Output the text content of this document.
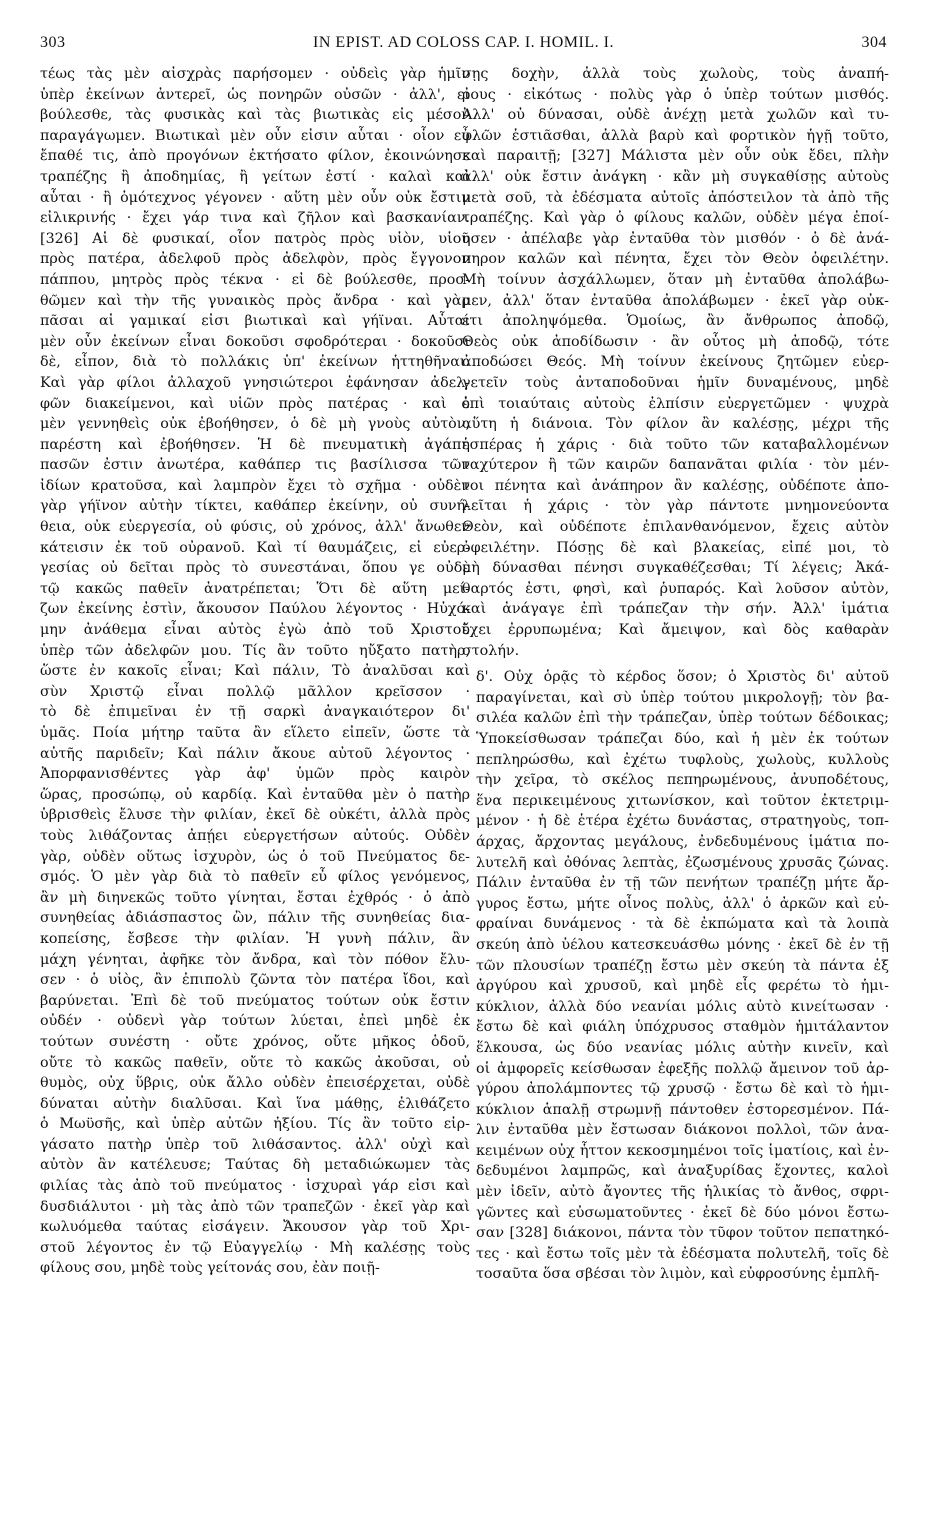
303	IN EPIST. AD COLOSS CAP. I. HOMIL. I.	304

τέως τὰς μὲν αἰσχρὰς παρήσομεν · οὐδεὶς γὰρ ἡμῖν
ὑπὲρ ἐκείνων ἀντερεῖ, ὡς πονηρῶν οὐσῶν · ἀλλ', εἰ
βούλεσθε, τὰς φυσικὰς καὶ τὰς βιωτικὰς εἰς μέσον
παραγάγωμεν. Βιωτικαὶ μὲν οὖν εἰσιν αὗται · οἷον εὖ
ἔπαθέ τις, ἀπὸ προγόνων ἐκτήσατο φίλον, ἐκοινώνησε
τραπέζης ἢ ἀποδημίας, ἢ γείτων ἐστί · καλαὶ καὶ
αὗται · ἢ ὁμότεχνος γέγονεν · αὕτη μὲν οὖν οὐκ ἔστιν
εἰλικρινής · ἔχει γάρ τινα καὶ ζῆλον καὶ βασκανίαν.
[326] Αἱ δὲ φυσικαί, οἷον πατρὸς πρὸς υἱὸν, υἱοῦ
πρὸς πατέρα, ἀδελφοῦ πρὸς ἀδελφὸν, πρὸς ἔγγονον
πάππου, μητρὸς πρὸς τέκνα · εἰ δὲ βούλεσθε, προσ-
θῶμεν καὶ τὴν τῆς γυναικὸς πρὸς ἄνδρα · καὶ γὰρ
πᾶσαι αἱ γαμικαί εἰσι βιωτικαὶ καὶ γήϊναι. Αὗται
μὲν οὖν ἐκείνων εἶναι δοκοῦσι σφοδρότεραι · δοκοῦσι
δὲ, εἶπον, διὰ τὸ πολλάκις ὑπ' ἐκείνων ἡττηθῆναι.
Καὶ γὰρ φίλοι ἀλλαχοῦ γνησιώτεροι ἐφάνησαν ἀδελ-
φῶν διακείμενοι, καὶ υἱῶν πρὸς πατέρας · καὶ ὁ
μὲν γεννηθεὶς οὐκ ἐβοήθησεν, ὁ δὲ μὴ γνοὺς αὐτὸν,
παρέστη καὶ ἐβοήθησεν. Ἡ δὲ πνευματικὴ ἀγάπη
πασῶν ἐστιν ἀνωτέρα, καθάπερ τις βασίλισσα τῶν
ἰδίων κρατοῦσα, καὶ λαμπρὸν ἔχει τὸ σχῆμα · οὐδὲν
γὰρ γήϊνον αὐτὴν τίκτει, καθάπερ ἐκείνην, οὐ συνή-
θεια, οὐκ εὐεργεσία, οὐ φύσις, οὐ χρόνος, ἀλλ' ἄνωθεν
κάτεισιν ἐκ τοῦ οὐρανοῦ. Καὶ τί θαυμάζεις, εἰ εὐερ-
γεσίας οὐ δεῖται πρὸς τὸ συνεστάναι, ὅπου γε οὐδὲ
τῷ κακῶς παθεῖν ἀνατρέπεται; Ὅτι δὲ αὕτη μεί-
ζων ἐκείνης ἐστὶν, ἄκουσον Παύλου λέγοντος · Ηὐχό-
μην ἀνάθεμα εἶναι αὐτὸς ἐγὼ ἀπὸ τοῦ Χριστοῦ
ὑπὲρ τῶν ἀδελφῶν μου. Τίς ἂν τοῦτο ηὔξατο πατὴρ,
ὥστε ἐν κακοῖς εἶναι; Καὶ πάλιν, Τὸ ἀναλῦσαι καὶ
σὺν Χριστῷ εἶναι πολλῷ μᾶλλον κρεῖσσον ·
τὸ δὲ ἐπιμεῖναι ἐν τῇ σαρκὶ ἀναγκαιότερον δι'
ὑμᾶς. Ποία μήτηρ ταῦτα ἂν εἵλετο εἰπεῖν, ὥστε τὰ
αὐτῆς παριδεῖν; Καὶ πάλιν ἄκουε αὐτοῦ λέγοντος ·
Ἀπορφανισθέντες γὰρ ἀφ' ὑμῶν πρὸς καιρὸν
ὥρας, προσώπῳ, οὐ καρδίᾳ. Καὶ ἐνταῦθα μὲν ὁ πατὴρ
ὑβρισθεὶς ἔλυσε τὴν φιλίαν, ἐκεῖ δὲ οὐκέτι, ἀλλὰ πρὸς
τοὺς λιθάζοντας ἀπῄει εὐεργετήσων αὐτούς. Οὐδὲν
γὰρ, οὐδὲν οὕτως ἰσχυρὸν, ὡς ὁ τοῦ Πνεύματος δε-
σμός. Ὁ μὲν γὰρ διὰ τὸ παθεῖν εὖ φίλος γενόμενος,
ἂν μὴ διηνεκῶς τοῦτο γίνηται, ἔσται ἐχθρός · ὁ ἀπὸ
συνηθείας ἀδιάσπαστος ὢν, πάλιν τῆς συνηθείας δια-
κοπείσης, ἔσβεσε τὴν φιλίαν. Ἡ γυνὴ πάλιν, ἂν
μάχη γένηται, ἀφῆκε τὸν ἄνδρα, καὶ τὸν πόθον ἔλυ-
σεν · ὁ υἱὸς, ἂν ἐπιπολὺ ζῶντα τὸν πατέρα ἴδοι, καὶ
βαρύνεται. Ἐπὶ δὲ τοῦ πνεύματος τούτων οὐκ ἔστιν
οὐδέν · οὐδενὶ γὰρ τούτων λύεται, ἐπεὶ μηδὲ ἐκ
τούτων συνέστη · οὔτε χρόνος, οὔτε μῆκος ὁδοῦ,
οὔτε τὸ κακῶς παθεῖν, οὔτε τὸ κακῶς ἀκοῦσαι, οὐ
θυμὸς, οὐχ ὕβρις, οὐκ ἄλλο οὐδὲν ἐπεισέρχεται, οὐδὲ
δύναται αὐτὴν διαλῦσαι. Καὶ ἵνα μάθῃς, ἐλιθάζετο
ὁ Μωϋσῆς, καὶ ὑπὲρ αὐτῶν ἠξίου. Τίς ἂν τοῦτο εἰρ-
γάσατο πατὴρ ὑπὲρ τοῦ λιθάσαντος. ἀλλ' οὐχὶ καὶ
αὐτὸν ἂν κατέλευσε; Ταύτας δὴ μεταδιώκωμεν τὰς
φιλίας τὰς ἀπὸ τοῦ πνεύματος · ἰσχυραὶ γάρ εἰσι καὶ
δυσδιάλυτοι · μὴ τὰς ἀπὸ τῶν τραπεζῶν · ἐκεῖ γὰρ καὶ
κωλυόμεθα ταύτας εἰσάγειν. Ἄκουσον γὰρ τοῦ Χρι-
στοῦ λέγοντος ἐν τῷ Εὐαγγελίῳ · Μὴ καλέσῃς τοὺς
φίλους σου, μηδὲ τοὺς γείτονάς σου, ἐὰν ποιῇ-

σῃς δοχὴν, ἀλλὰ τοὺς χωλοὺς, τοὺς ἀναπή-
ρους · εἰκότως · πολὺς γὰρ ὁ ὑπὲρ τούτων μισθός.
Ἀλλ' οὐ δύνασαι, οὐδὲ ἀνέχῃ μετὰ χωλῶν καὶ τυ-
φλῶν ἑστιᾶσθαι, ἀλλὰ βαρὺ καὶ φορτικὸν ἡγῇ τοῦτο,
καὶ παραιτῇ; [327] Μάλιστα μὲν οὖν οὐκ ἔδει, πλὴν
ἀλλ' οὐκ ἔστιν ἀνάγκη · κἂν μὴ συγκαθίσῃς αὐτοὺς
μετὰ σοῦ, τὰ ἐδέσματα αὐτοῖς ἀπόστειλον τὰ ἀπὸ τῆς
τραπέζης. Καὶ γὰρ ὁ φίλους καλῶν, οὐδὲν μέγα ἐποί-
ησεν · ἀπέλαβε γὰρ ἐνταῦθα τὸν μισθόν · ὁ δὲ ἀνά-
πηρον καλῶν καὶ πένητα, ἔχει τὸν Θεὸν ὀφειλέτην.
Μὴ τοίνυν ἀσχάλλωμεν, ὅταν μὴ ἐνταῦθα ἀπολάβω-
μεν, ἀλλ' ὅταν ἐνταῦθα ἀπολάβωμεν · ἐκεῖ γὰρ οὐκ-
έτι ἀποληψόμεθα. Ὁμοίως, ἂν ἄνθρωπος ἀποδῷ,
Θεὸς οὐκ ἀποδίδωσιν · ἂν οὗτος μὴ ἀποδῷ, τότε
ἀποδώσει Θεός. Μὴ τοίνυν ἐκείνους ζητῶμεν εὐερ-
γετεῖν τοὺς ἀνταποδοῦναι ἡμῖν δυναμένους, μηδὲ
ἐπὶ τοιαύταις αὐτοὺς ἐλπίσιν εὐεργετῶμεν · ψυχρὰ
αὕτη ἡ διάνοια. Τὸν φίλον ἂν καλέσῃς, μέχρι τῆς
ἑσπέρας ἡ χάρις · διὰ τοῦτο τῶν καταβαλλομένων
ταχύτερον ἢ τῶν καιρῶν δαπανᾶται φιλία · τὸν μέν-
τοι πένητα καὶ ἀνάπηρον ἂν καλέσῃς, οὐδέποτε ἀπο-
λεῖται ἡ χάρις · τὸν γὰρ πάντοτε μνημονεύοντα
Θεὸν, καὶ οὐδέποτε ἐπιλανθανόμενον, ἔχεις αὐτὸν
ὀφειλέτην. Πόσῃς δὲ καὶ βλακείας, εἰπέ μοι, τὸ
μὴ δύνασθαι πένησι συγκαθέζεσθαι; Τί λέγεις; Ἀκά-
θαρτός ἐστι, φησὶ, καὶ ῥυπαρός. Καὶ λοῦσον αὐτὸν,
καὶ ἀνάγαγε ἐπὶ τράπεζαν τὴν σήν. Ἀλλ' ἱμάτια
ἔχει ἐρρυπωμένα; Καὶ ἄμειψον, καὶ δὸς καθαρὰν
στολήν.

δ'. Οὐχ ὁρᾷς τὸ κέρδος ὅσον; ὁ Χριστὸς δι' αὐτοῦ
παραγίνεται, καὶ σὺ ὑπὲρ τούτου μικρολογῇ; τὸν βα-
σιλέα καλῶν ἐπὶ τὴν τράπεζαν, ὑπὲρ τούτων δέδοικας;
Ὑποκείσθωσαν τράπεζαι δύο, καὶ ἡ μὲν ἐκ τούτων
πεπληρώσθω, καὶ ἐχέτω τυφλοὺς, χωλοὺς, κυλλοὺς
τὴν χεῖρα, τὸ σκέλος πεπηρωμένους, ἀνυποδέτους,
ἕνα περικειμένους χιτωνίσκον, καὶ τοῦτον ἐκτετριμ-
μένον · ἡ δὲ ἑτέρα ἐχέτω δυνάστας, στρατηγοὺς, τοπ-
άρχας, ἄρχοντας μεγάλους, ἐνδεδυμένους ἱμάτια πο-
λυτελῆ καὶ ὀθόνας λεπτὰς, ἐζωσμένους χρυσᾶς ζώνας.
Πάλιν ἐνταῦθα ἐν τῇ τῶν πενήτων τραπέζῃ μήτε ἄρ-
γυρος ἔστω, μήτε οἶνος πολὺς, ἀλλ' ὁ ἀρκῶν καὶ εὐ-
φραίναι δυνάμενος · τὰ δὲ ἐκπώματα καὶ τὰ λοιπὰ
σκεύη ἀπὸ ὑέλου κατεσκευάσθω μόνης · ἐκεῖ δὲ ἐν τῇ
τῶν πλουσίων τραπέζῃ ἔστω μὲν σκεύη τὰ πάντα ἐξ
ἀργύρου καὶ χρυσοῦ, καὶ μηδὲ εἷς φερέτω τὸ ἡμι-
κύκλιον, ἀλλὰ δύο νεανίαι μόλις αὐτὸ κινείτωσαν ·
ἔστω δὲ καὶ φιάλη ὑπόχρυσος σταθμὸν ἡμιτάλαντον
ἕλκουσα, ὡς δύο νεανίας μόλις αὐτὴν κινεῖν, καὶ
οἱ ἀμφορεῖς κείσθωσαν ἐφεξῆς πολλῷ ἄμεινον τοῦ ἀρ-
γύρου ἀπολάμποντες τῷ χρυσῷ · ἔστω δὲ καὶ τὸ ἡμι-
κύκλιον ἁπαλῇ στρωμνῇ πάντοθεν ἐστορεσμένον. Πά-
λιν ἐνταῦθα μὲν ἔστωσαν διάκονοι πολλοὶ, τῶν ἀνα-
κειμένων οὐχ ἧττον κεκοσμημένοι τοῖς ἱματίοις, καὶ ἐν-
δεδυμένοι λαμπρῶς, καὶ ἀναξυρίδας ἔχοντες, καλοὶ
μὲν ἰδεῖν, αὐτὸ ἄγοντες τῆς ἡλικίας τὸ ἄνθος, σφρι-
γῶντες καὶ εὐσωματοῦντες · ἐκεῖ δὲ δύο μόνοι ἔστω-
σαν [328] διάκονοι, πάντα τὸν τῦφον τοῦτον πεπατηκό-
τες · καὶ ἔστω τοῖς μὲν τὰ ἐδέσματα πολυτελῆ, τοῖς δὲ
τοσαῦτα ὅσα σβέσαι τὸν λιμὸν, καὶ εὐφροσύνης ἐμπλῆ-
